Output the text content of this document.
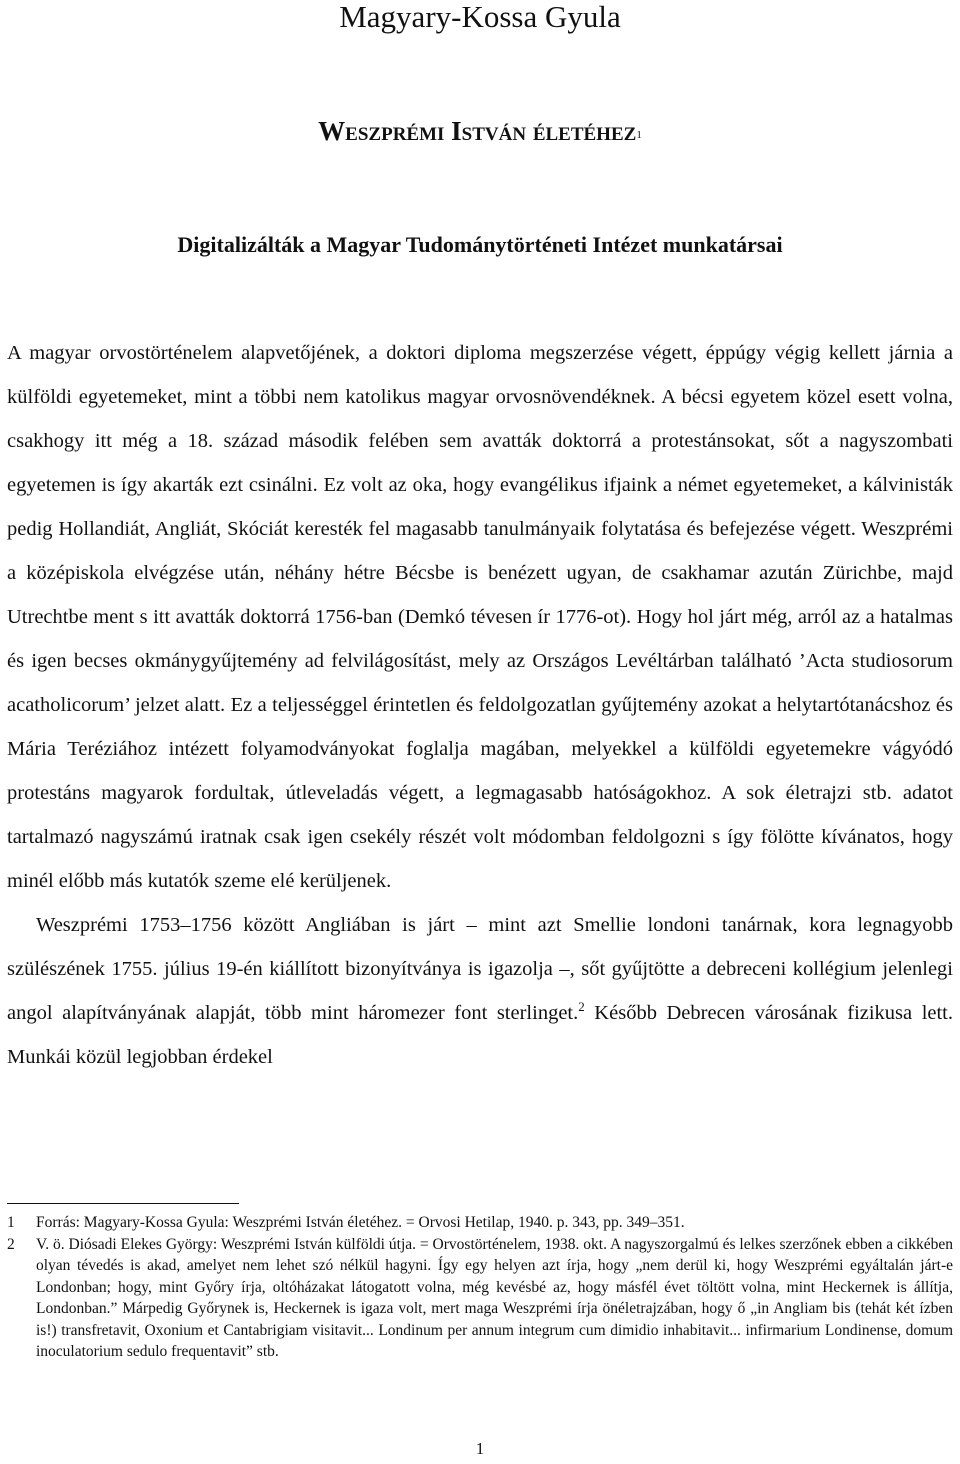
Magyary-Kossa Gyula
Weszprémi István életéhez$^1$
Digitalizálták a Magyar Tudománytörténeti Intézet munkatársai

A magyar orvostörténelem alapvetőjének, a doktori diploma megszerzése végett, éppúgy végig kellett járnia a külföldi egyetemeket, mint a többi nem katolikus magyar orvosnövendéknek. A bécsi egyetem közel esett volna, csakhogy itt még a 18. század második felében sem avatták doktorrá a protestánsokat, sőt a nagyszombati egyetemen is így akarták ezt csinálni. Ez volt az oka, hogy evangélikus ifjaink a német egyetemeket, a kálvinisták pedig Hollandiát, Angliát, Skóciát keresték fel magasabb tanulmányaik folytatása és befejezése végett. Weszprémi a középiskola elvégzése után, néhány hétre Bécsbe is benézett ugyan, de csakhamar azután Zürichbe, majd Utrechtbe ment s itt avatták doktorrá 1756-ban (Demkó tévesen ír 1776-ot). Hogy hol járt még, arról az a hatalmas és igen becses okmánygyűjtemény ad felvilágosítást, mely az Országos Levéltárban található ’Acta studiosorum acatholicorum’ jelzet alatt. Ez a teljességgel érintetlen és feldolgozatlan gyűjtemény azokat a helytartótanácshoz és Mária Teréziához intézett folyamodványokat foglalja magában, melyekkel a külföldi egyetemekre vágyódó protestáns magyarok fordultak, útleveladás végett, a legmagasabb hatóságokhoz. A sok életrajzi stb. adatot tartalmazó nagyszámú iratnak csak igen csekély részét volt módomban feldolgozni s így fölötte kívánatos, hogy minél előbb más kutatók szeme elé kerüljenek.

Weszprémi 1753–1756 között Angliában is járt – mint azt Smellie londoni tanárnak, kora legnagyobb szülészének 1755. július 19-én kiállított bizonyítványa is igazolja –, sőt gyűjtötte a debreceni kollégium jelenlegi angol alapítványának alapját, több mint háromezer font sterlinget.$^2$ Később Debrecen városának fizikusa lett. Munkái közül legjobban érdekel

1	Forrás: Magyary-Kossa Gyula: Weszprémi István életéhez. = Orvosi Hetilap, 1940. p. 343, pp. 349–351.
2	V. ö. Diósadi Elekes György: Weszprémi István külföldi útja. = Orvostörténelem, 1938. okt. A nagyszorgalmú és lelkes szerzőnek ebben a cikkében olyan tévedés is akad, amelyet nem lehet szó nélkül hagyni. Így egy helyen azt írja, hogy „nem derül ki, hogy Weszprémi egyáltalán járt-e Londonban; hogy, mint Győry írja, oltóházakat látogatott volna, még kevésbé az, hogy másfél évet töltött volna, mint Heckernek is állítja, Londonban.” Márpedig Győrynek is, Heckernek is igaza volt, mert maga Weszprémi írja önéletrajzában, hogy ő „in Angliam bis (tehát két ízben is!) transfretavit, Oxonium et Cantabrigiam visitavit... Londinum per annum integrum cum dimidio inhabitavit... infirmarium Londinense, domum inoculatorium sedulo frequentavit” stb.
1
